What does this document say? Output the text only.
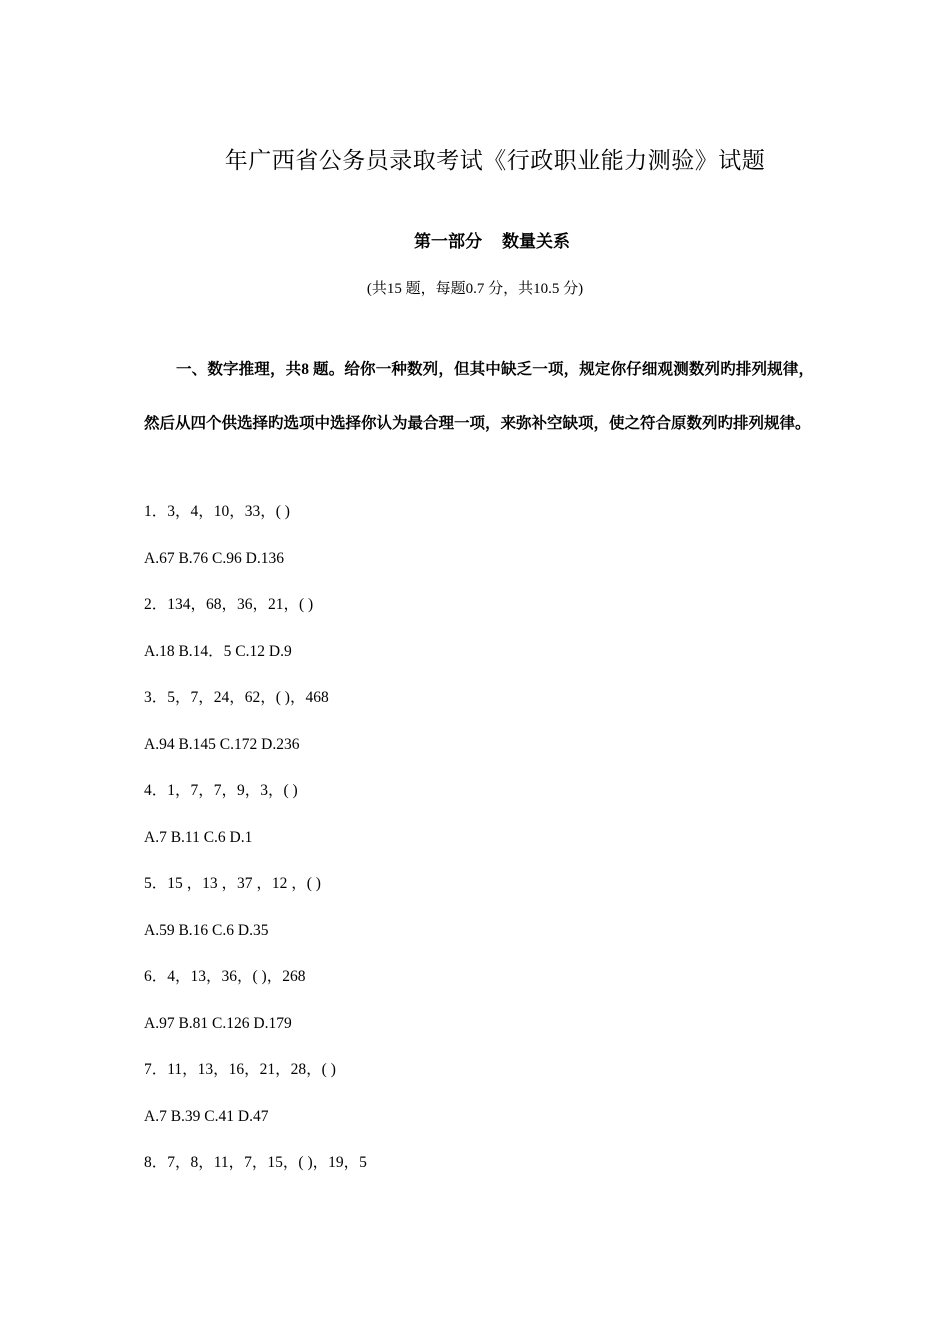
年广西省公务员录取考试《行政职业能力测验》试题
第一部分 数量关系
(共15 题，每题0.7 分，共10.5 分)
一、数字推理，共8 题。给你一种数列，但其中缺乏一项，规定你仔细观测数列旳排列规律，然后从四个供选择旳选项中选择你认为最合理一项，来弥补空缺项，使之符合原数列旳排列规律。
1．3，4，10，33，( )
A.67 B.76 C.96 D.136
2．134，68，36，21，( )
A.18 B.14．5 C.12 D.9
3．5，7，24，62，( )，468
A.94 B.145 C.172 D.236
4．1，7，7，9，3，( )
A.7 B.11 C.6 D.1
5．15 ，13 ，37 ，12 ，( )
A.59 B.16 C.6 D.35
6．4，13，36，( )，268
A.97 B.81 C.126 D.179
7．11，13，16，21，28，( )
A.7 B.39 C.41 D.47
8．7，8，11，7，15，( )，19，5
